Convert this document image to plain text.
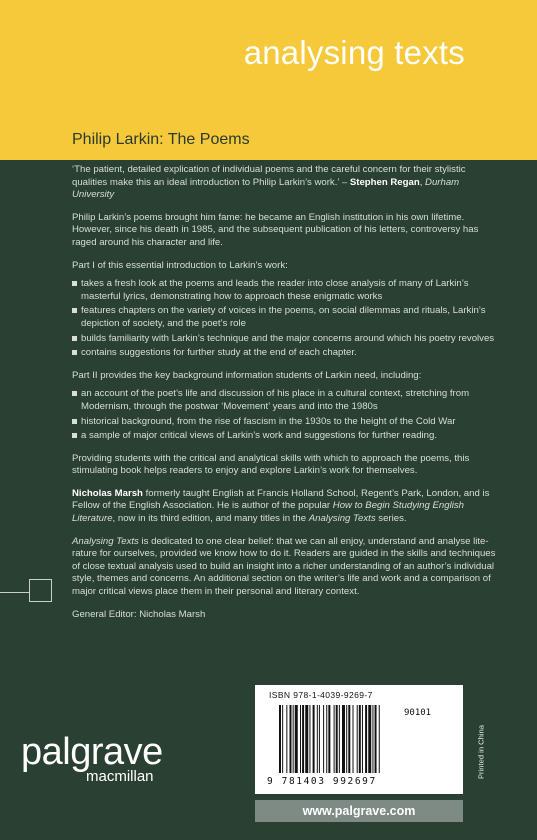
analysing texts
Philip Larkin: The Poems

‘The patient, detailed explication of individual poems and the careful concern for their stylistic qualities make this an ideal introduction to Philip Larkin’s work.’ – Stephen Regan, Durham University

Philip Larkin’s poems brought him fame: he became an English institution in his own lifetime. However, since his death in 1985, and the subsequent publication of his letters, controversy has raged around his character and life.

Part I of this essential introduction to Larkin’s work:

takes a fresh look at the poems and leads the reader into close analysis of many of Larkin’s masterful lyrics, demonstrating how to approach these enigmatic works
features chapters on the variety of voices in the poems, on social dilemmas and rituals, Larkin’s depiction of society, and the poet’s role
builds familiarity with Larkin’s technique and the major concerns around which his poetry revolves
contains suggestions for further study at the end of each chapter.

Part II provides the key background information students of Larkin need, including:

an account of the poet’s life and discussion of his place in a cultural context, stretching from Modernism, through the postwar ‘Movement’ years and into the 1980s
historical background, from the rise of fascism in the 1930s to the height of the Cold War
a sample of major critical views of Larkin’s work and suggestions for further reading.

Providing students with the critical and analytical skills with which to approach the poems, this stimulating book helps readers to enjoy and explore Larkin’s work for themselves.

Nicholas Marsh formerly taught English at Francis Holland School, Regent’s Park, London, and is Fellow of the English Association. He is author of the popular How to Begin Studying English Literature, now in its third edition, and many titles in the Analysing Texts series.

Analysing Texts is dedicated to one clear belief: that we can all enjoy, understand and analyse literature for ourselves, provided we know how to do it. Readers are guided in the skills and techniques of close textual analysis used to build an insight into a richer understanding of an author’s individual style, themes and concerns. An additional section on the writer’s life and work and a comparison of major critical views place them in their personal and literary context.

General Editor: Nicholas Marsh

ISBN 978-1-4039-9269-7
90101
9 781403 992697
Printed in China
palgrave
macmillan
www.palgrave.com
